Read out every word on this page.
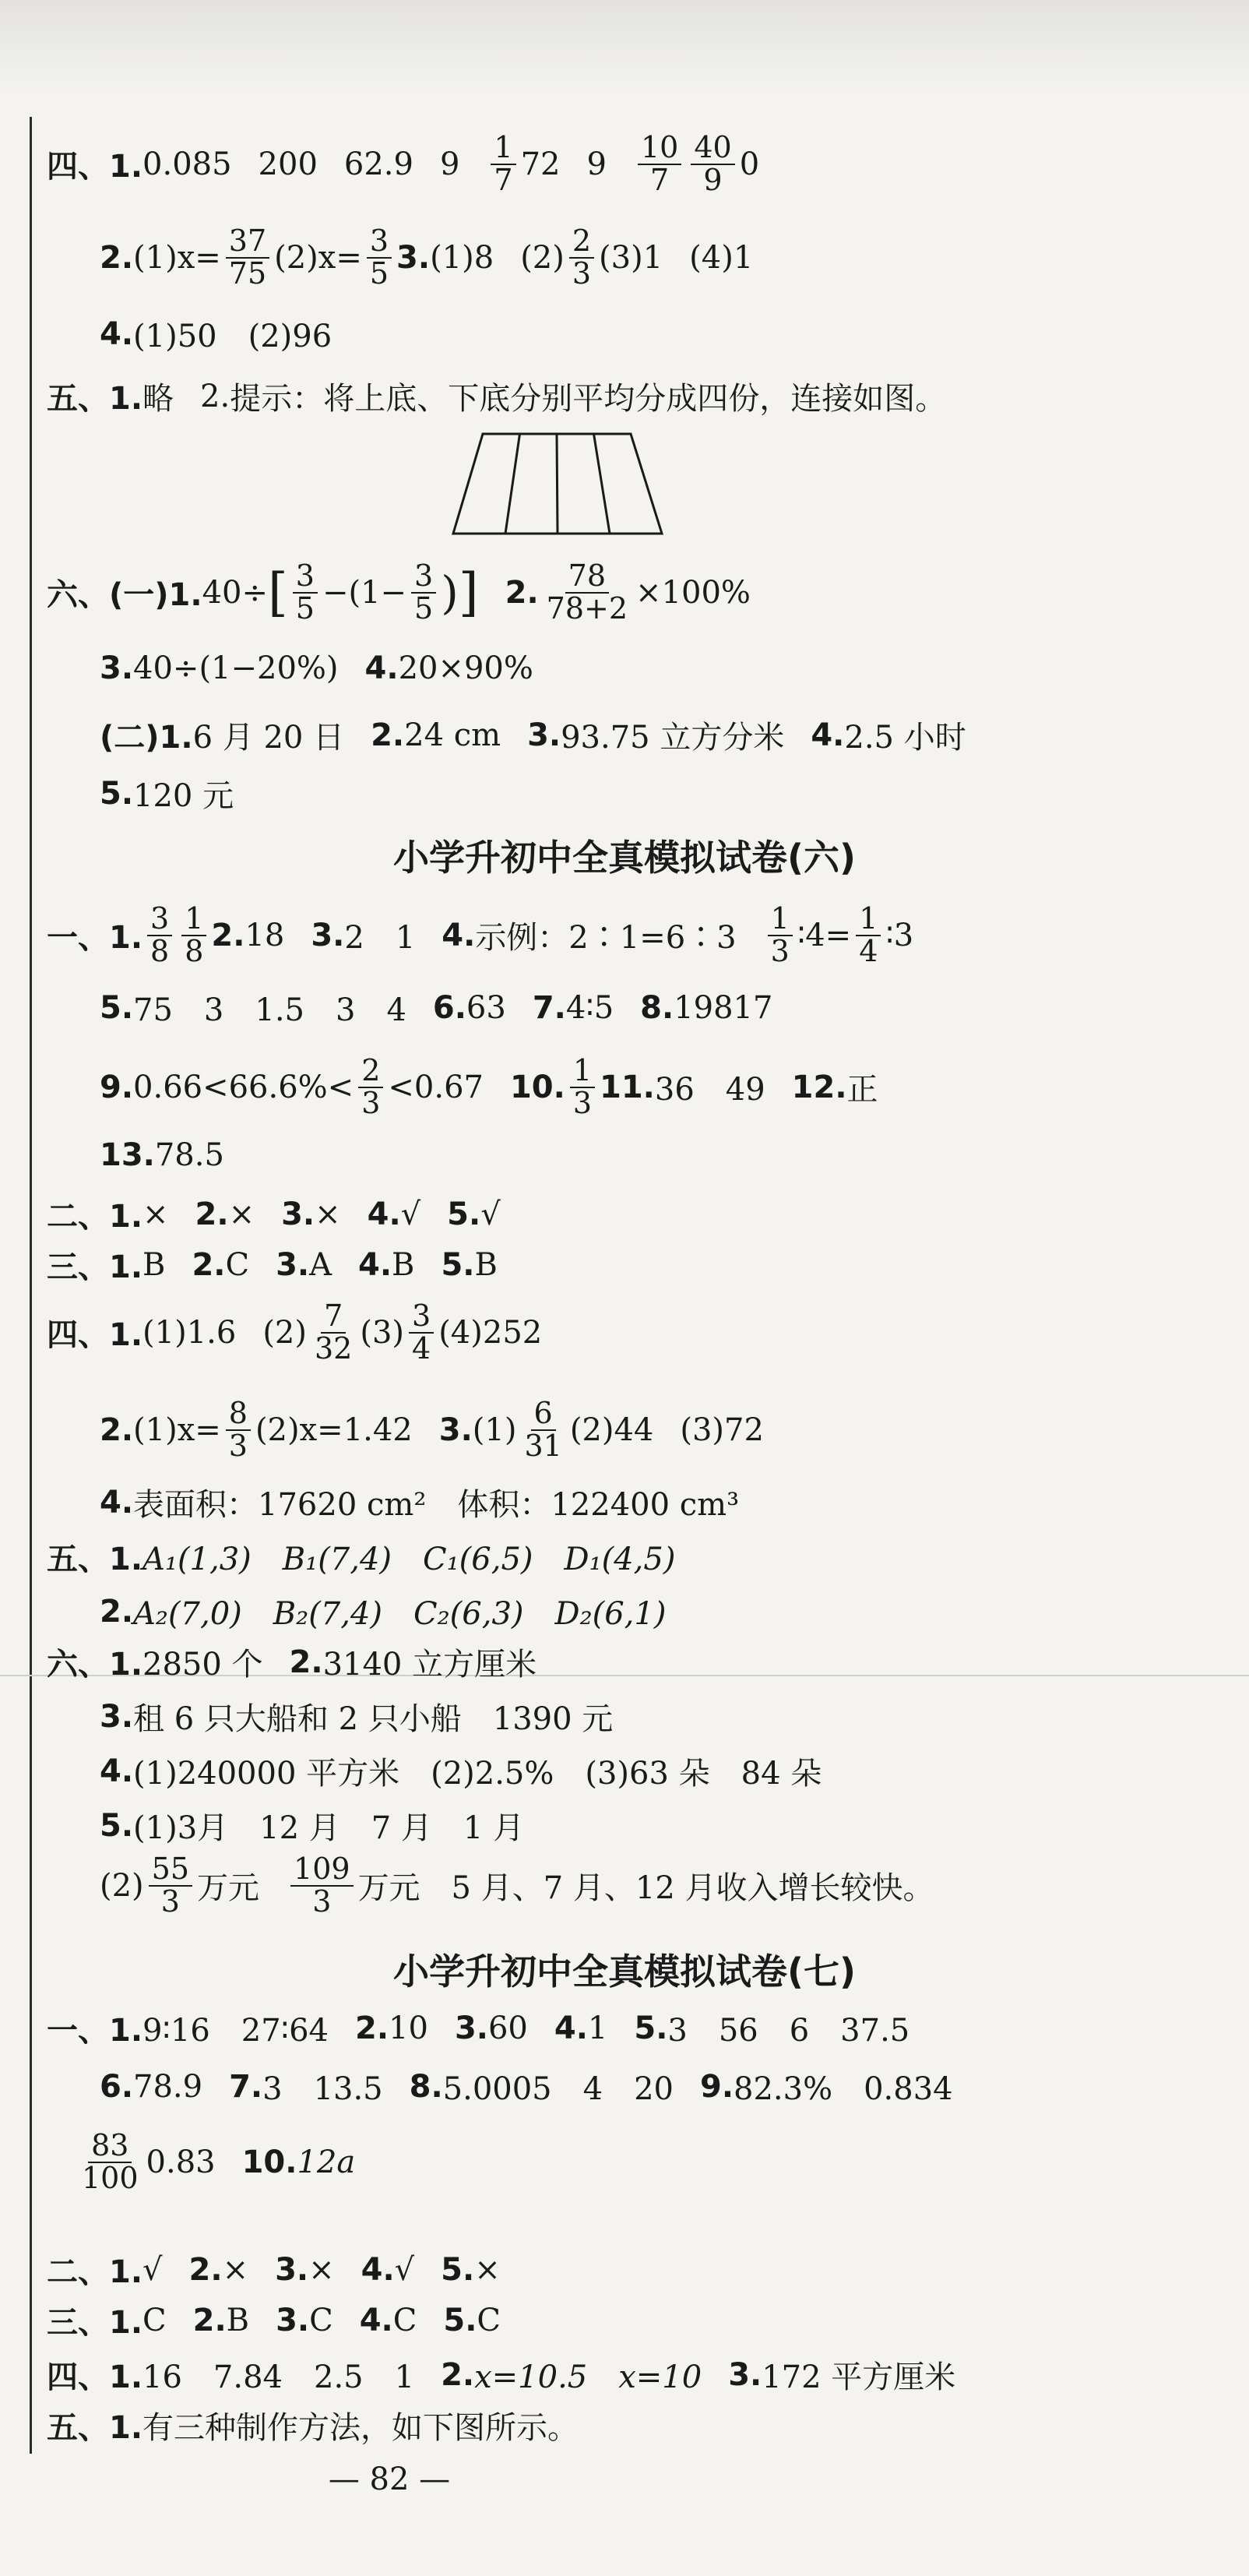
四、1. 0.085 200 62.9 $9 \frac{1}{7} 72$ $9 \frac{10}{7} \frac{40}{9} 0$
2. $(1)x= \frac{37}{75} (2)x= \frac{3}{5} 3$. (1)8 $(2) \frac{2}{3} (3)1$ (4)1
4. (1)50　(2)96
五、1. 略 2. 提示：将上底、下底分别平均分成四份，连接如图。
六、(一)1. 40÷ [ $\frac{3}{5} -(1- \frac{3}{5}$ ) ] 2. $\frac{78}{78+2} \times 100\%$
3. 40÷(1−20%) 4. 20×90%
(二)1. 6 月 20 日 2. 24 cm 3. 93.75 立方分米 4. 2.5 小时
5. 120 元
小学升初中全真模拟试卷(六)
一、1. $\frac{3}{8} \frac{1}{8} 2$. 18 3. 2　1 4. 示例：2∶1=6∶3 $\frac{1}{3}$ ∶4= $\frac{1}{4}$ ∶3
5. 75　3　1.5　3　4 6. 63 7. 4∶5 8. 19817
9. $0.66<66.6\%< \frac{2}{3} <0.67$ 10. $\frac{1}{3} 11$. 36　49 12. 正
13. 78.5
二、1. × 2. × 3. × 4. √ 5. √
三、1. B 2. C 3. A 4. B 5. B
四、1. (1)1.6 $(2) \frac{7}{32} (3) \frac{3}{4} (4)252$
2. $(1)x= \frac{8}{3} (2)x=1.42$ 3. $(1) \frac{6}{31} (2)44$ (3)72
4. 表面积：17620 cm²　体积：122400 cm³
五、1. A₁(1,3)　B₁(7,4)　C₁(6,5)　D₁(4,5)
2. A₂(7,0)　B₂(7,4)　C₂(6,3)　D₂(6,1)
六、1. 2850 个 2. 3140 立方厘米
3. 租 6 只大船和 2 只小船　1390 元
4. (1)240000 平方米　(2)2.5%　(3)63 朵　84 朵
5. (1)3月　12 月　7 月　1 月
$(2) \frac{55}{3}$ 万元 $\frac{109}{3}$ 万元　5 月、7 月、12 月收入增长较快。
小学升初中全真模拟试卷(七)
一、1. 9∶16　27∶64 2. 10 3. 60 4. 1 5. 3　56　6　37.5
6. 78.9 7. 3　13.5 8. 5.0005　4　20 9. 82.3%　0.834
$\frac{83}{100} 0.83$ 10. 12a
二、1. √ 2. × 3. × 4. √ 5. ×
三、1. C 2. B 3. C 4. C 5. C
四、1. 16　7.84　2.5　1 2. x=10.5　x=10 3. 172 平方厘米
五、1. 有三种制作方法，如下图所示。
— 82 —
